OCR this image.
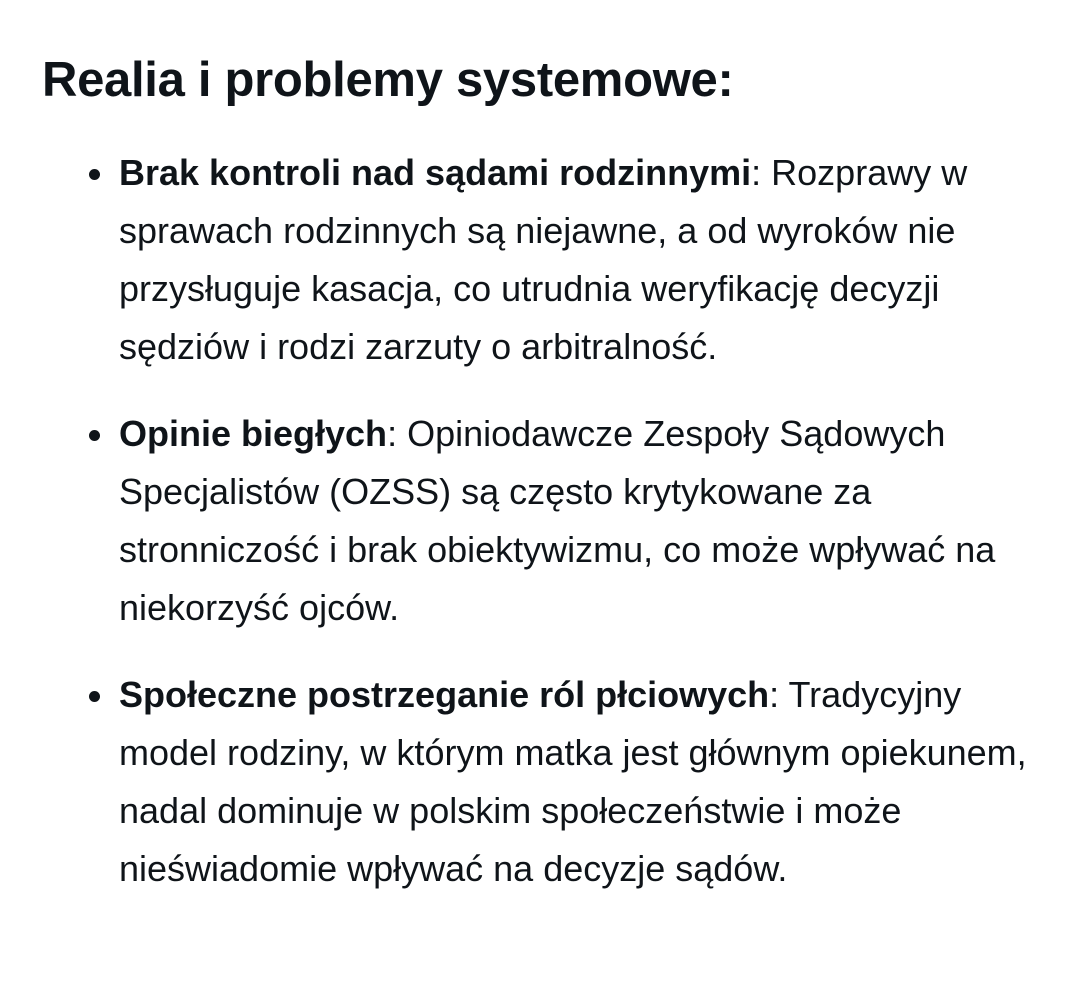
Realia i problemy systemowe:
Brak kontroli nad sądami rodzinnymi: Rozprawy w sprawach rodzinnych są niejawne, a od wyroków nie przysługuje kasacja, co utrudnia weryfikację decyzji sędziów i rodzi zarzuty o arbitralność.
Opinie biegłych: Opiniodawcze Zespoły Sądowych Specjalistów (OZSS) są często krytykowane za stronniczość i brak obiektywizmu, co może wpływać na niekorzyść ojców.
Społeczne postrzeganie ról płciowych: Tradycyjny model rodziny, w którym matka jest głównym opiekunem, nadal dominuje w polskim społeczeństwie i może nieświadomie wpływać na decyzje sądów.
